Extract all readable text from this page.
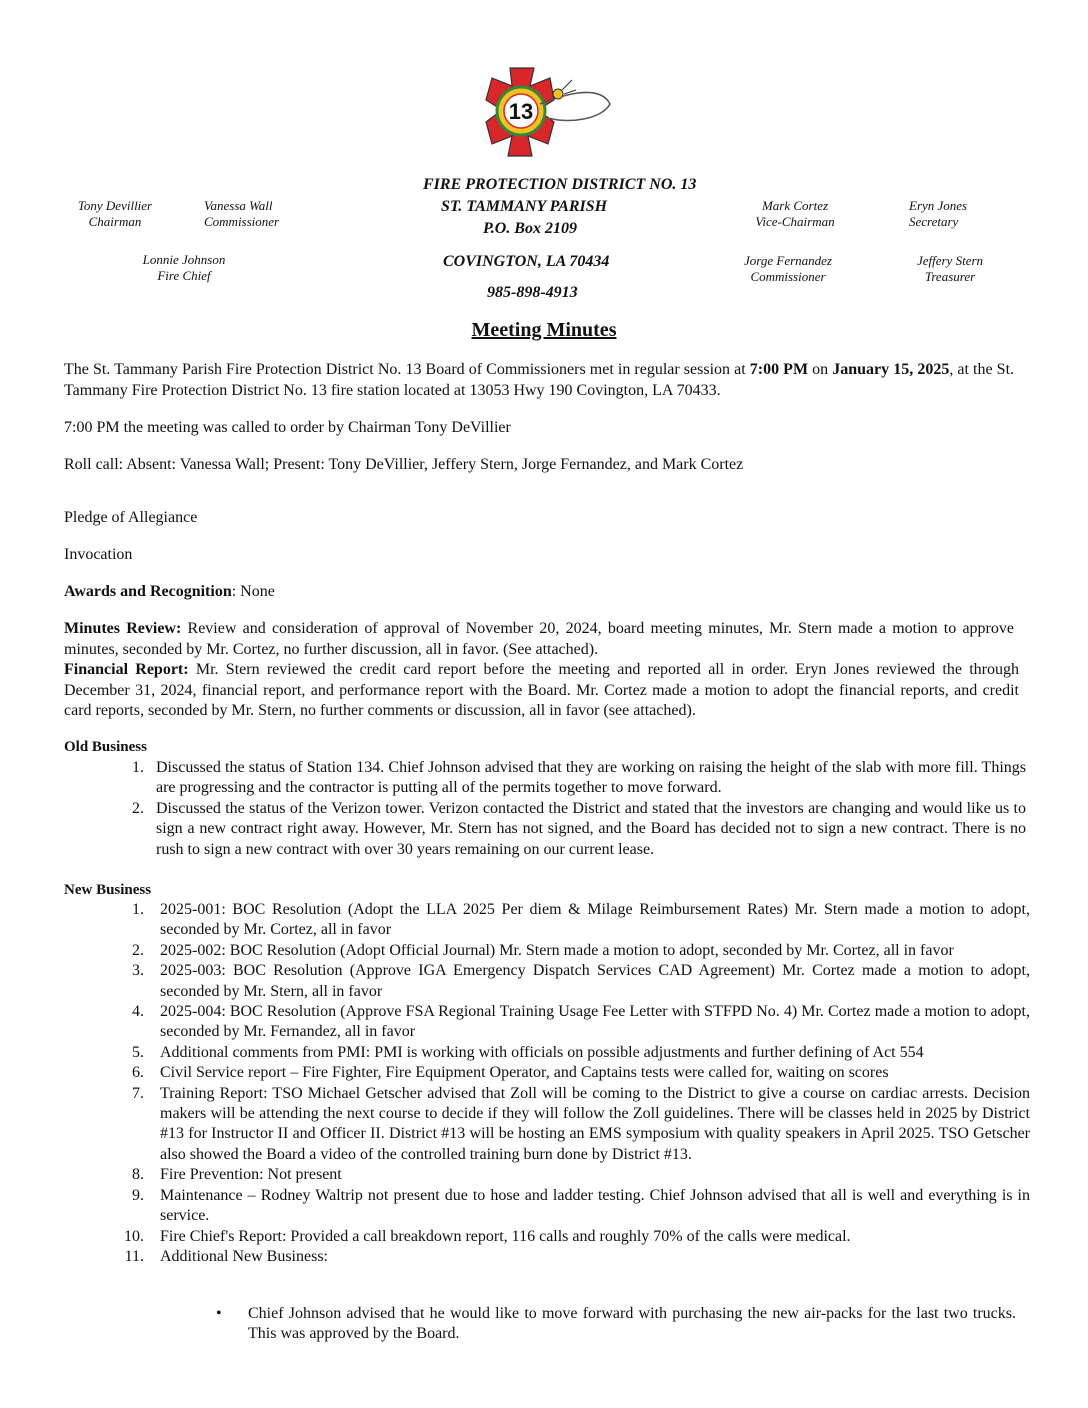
13
FIRE PROTECTION DISTRICT NO. 13
ST. TAMMANY PARISH
P.O. Box 2109
COVINGTON, LA 70434
985-898-4913
Tony Devillier
Chairman
Vanessa Wall
Commissioner
Lonnie Johnson
Fire Chief
Mark Cortez
Vice-Chairman
Eryn Jones
Secretary
Jorge Fernandez
Commissioner
Jeffery Stern
Treasurer
Meeting Minutes
The St. Tammany Parish Fire Protection District No. 13 Board of Commissioners met in regular session at 7:00 PM on January 15, 2025, at the St. Tammany Fire Protection District No. 13 fire station located at 13053 Hwy 190 Covington, LA 70433.
7:00 PM the meeting was called to order by Chairman Tony DeVillier
Roll call: Absent: Vanessa Wall; Present: Tony DeVillier, Jeffery Stern, Jorge Fernandez, and Mark Cortez
Pledge of Allegiance
Invocation
Awards and Recognition: None
Minutes Review: Review and consideration of approval of November 20, 2024, board meeting minutes, Mr. Stern made a motion to approve minutes, seconded by Mr. Cortez, no further discussion, all in favor. (See attached).
Financial Report: Mr. Stern reviewed the credit card report before the meeting and reported all in order. Eryn Jones reviewed the through December 31, 2024, financial report, and performance report with the Board. Mr. Cortez made a motion to adopt the financial reports, and credit card reports, seconded by Mr. Stern, no further comments or discussion, all in favor (see attached).
Old Business
1. Discussed the status of Station 134. Chief Johnson advised that they are working on raising the height of the slab with more fill. Things are progressing and the contractor is putting all of the permits together to move forward.
2. Discussed the status of the Verizon tower. Verizon contacted the District and stated that the investors are changing and would like us to sign a new contract right away. However, Mr. Stern has not signed, and the Board has decided not to sign a new contract. There is no rush to sign a new contract with over 30 years remaining on our current lease.
New Business
1. 2025-001: BOC Resolution (Adopt the LLA 2025 Per diem & Milage Reimbursement Rates) Mr. Stern made a motion to adopt, seconded by Mr. Cortez, all in favor
2. 2025-002: BOC Resolution (Adopt Official Journal) Mr. Stern made a motion to adopt, seconded by Mr. Cortez, all in favor
3. 2025-003: BOC Resolution (Approve IGA Emergency Dispatch Services CAD Agreement) Mr. Cortez made a motion to adopt, seconded by Mr. Stern, all in favor
4. 2025-004: BOC Resolution (Approve FSA Regional Training Usage Fee Letter with STFPD No. 4) Mr. Cortez made a motion to adopt, seconded by Mr. Fernandez, all in favor
5. Additional comments from PMI: PMI is working with officials on possible adjustments and further defining of Act 554
6. Civil Service report – Fire Fighter, Fire Equipment Operator, and Captains tests were called for, waiting on scores
7. Training Report: TSO Michael Getscher advised that Zoll will be coming to the District to give a course on cardiac arrests. Decision makers will be attending the next course to decide if they will follow the Zoll guidelines. There will be classes held in 2025 by District #13 for Instructor II and Officer II. District #13 will be hosting an EMS symposium with quality speakers in April 2025. TSO Getscher also showed the Board a video of the controlled training burn done by District #13.
8. Fire Prevention: Not present
9. Maintenance – Rodney Waltrip not present due to hose and ladder testing. Chief Johnson advised that all is well and everything is in service.
10. Fire Chief's Report: Provided a call breakdown report, 116 calls and roughly 70% of the calls were medical.
11. Additional New Business:
•	Chief Johnson advised that he would like to move forward with purchasing the new air-packs for the last two trucks. This was approved by the Board.
